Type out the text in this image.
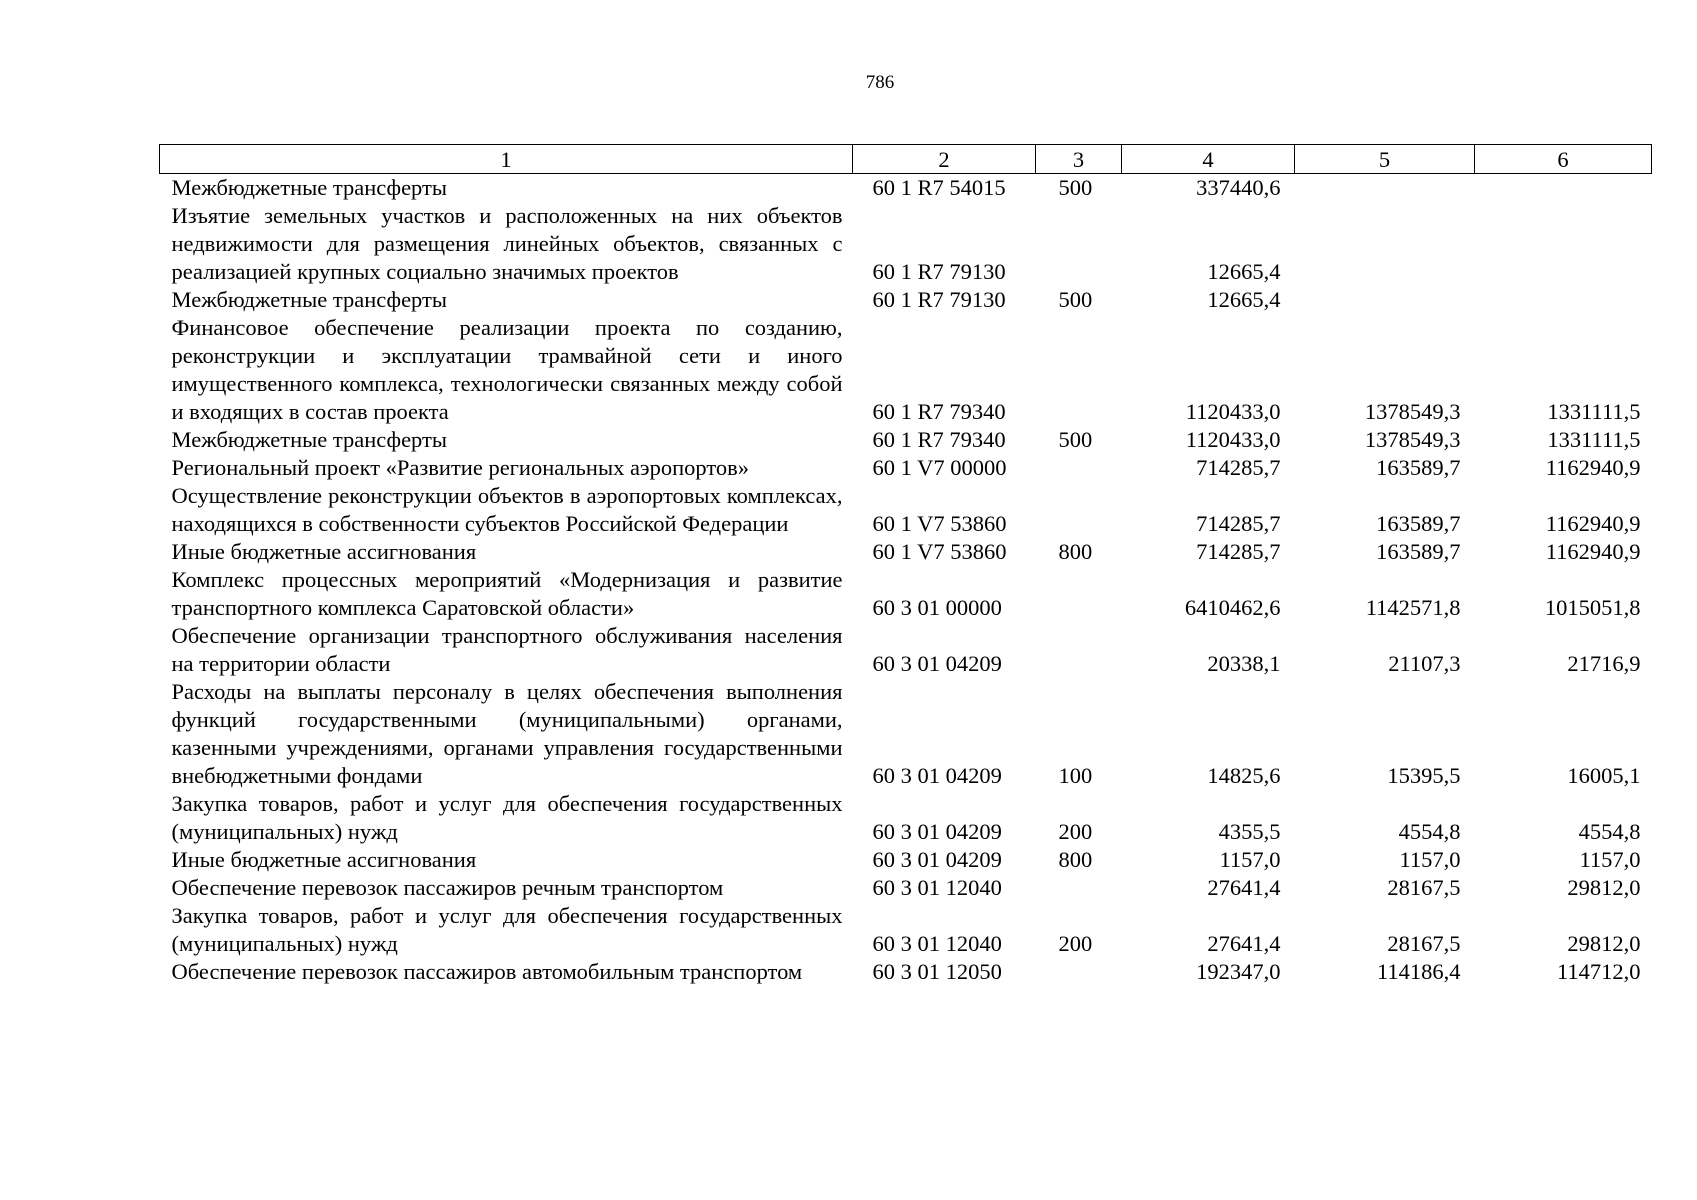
786
1	2	3	4	5	6
Межбюджетные трансферты	60 1 R7 54015	500	337440,6		
Изъятие земельных участков и расположенных на них объектов недвижимости для размещения линейных объектов, связанных с реализацией крупных социально значимых проектов	60 1 R7 79130		12665,4		
Межбюджетные трансферты	60 1 R7 79130	500	12665,4		
Финансовое обеспечение реализации проекта по созданию, реконструкции и эксплуатации трамвайной сети и иного имущественного комплекса, технологически связанных между собой и входящих в состав проекта	60 1 R7 79340		1120433,0	1378549,3	1331111,5
Межбюджетные трансферты	60 1 R7 79340	500	1120433,0	1378549,3	1331111,5
Региональный проект «Развитие региональных аэропортов»	60 1 V7 00000		714285,7	163589,7	1162940,9
Осуществление реконструкции объектов в аэропортовых комплексах, находящихся в собственности субъектов Российской Федерации	60 1 V7 53860		714285,7	163589,7	1162940,9
Иные бюджетные ассигнования	60 1 V7 53860	800	714285,7	163589,7	1162940,9
Комплекс процессных мероприятий «Модернизация и развитие транспортного комплекса Саратовской области»	60 3 01 00000		6410462,6	1142571,8	1015051,8
Обеспечение организации транспортного обслуживания населения на территории области	60 3 01 04209		20338,1	21107,3	21716,9
Расходы на выплаты персоналу в целях обеспечения выполнения функций государственными (муниципальными) органами, казенными учреждениями, органами управления государственными внебюджетными фондами	60 3 01 04209	100	14825,6	15395,5	16005,1
Закупка товаров, работ и услуг для обеспечения государственных (муниципальных) нужд	60 3 01 04209	200	4355,5	4554,8	4554,8
Иные бюджетные ассигнования	60 3 01 04209	800	1157,0	1157,0	1157,0
Обеспечение перевозок пассажиров речным транспортом	60 3 01 12040		27641,4	28167,5	29812,0
Закупка товаров, работ и услуг для обеспечения государственных (муниципальных) нужд	60 3 01 12040	200	27641,4	28167,5	29812,0
Обеспечение перевозок пассажиров автомобильным транспортом	60 3 01 12050		192347,0	114186,4	114712,0
